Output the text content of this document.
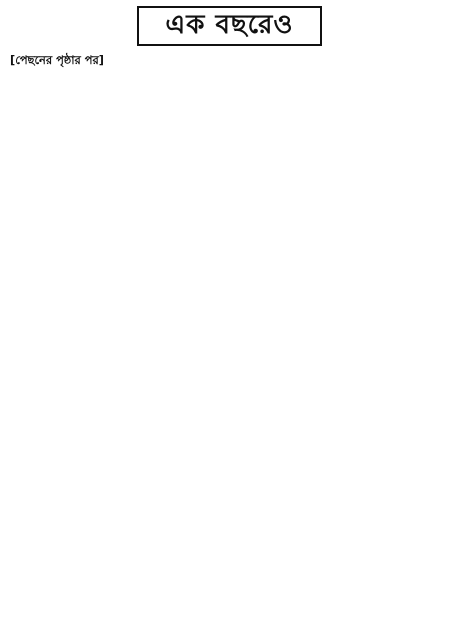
এক বছরেও

[পেছনের পৃষ্ঠার পর]
